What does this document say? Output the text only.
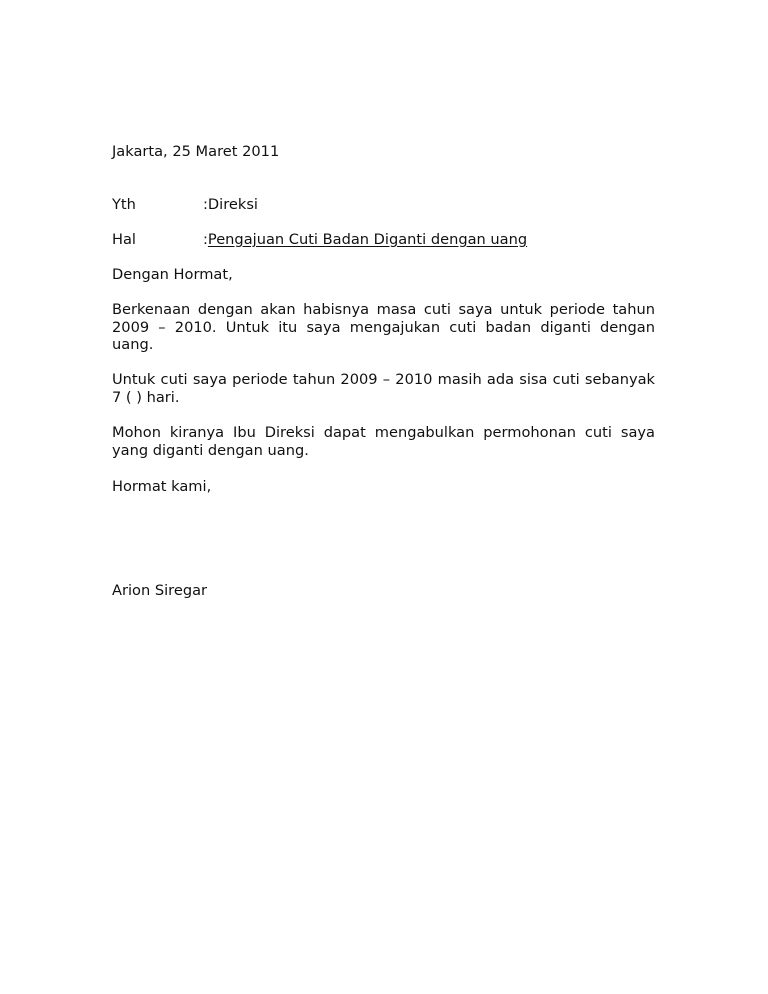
Jakarta, 25 Maret 2011

Yth	:Direksi

Hal	:Pengajuan Cuti Badan Diganti dengan uang

Dengan Hormat,

Berkenaan dengan akan habisnya masa cuti saya untuk periode tahun 2009 – 2010. Untuk itu saya mengajukan cuti badan diganti dengan uang.

Untuk cuti saya periode tahun 2009 – 2010 masih ada sisa cuti sebanyak 7 ( ) hari.

Mohon kiranya Ibu Direksi dapat mengabulkan permohonan cuti saya yang diganti dengan uang.

Hormat kami,

Arion Siregar
